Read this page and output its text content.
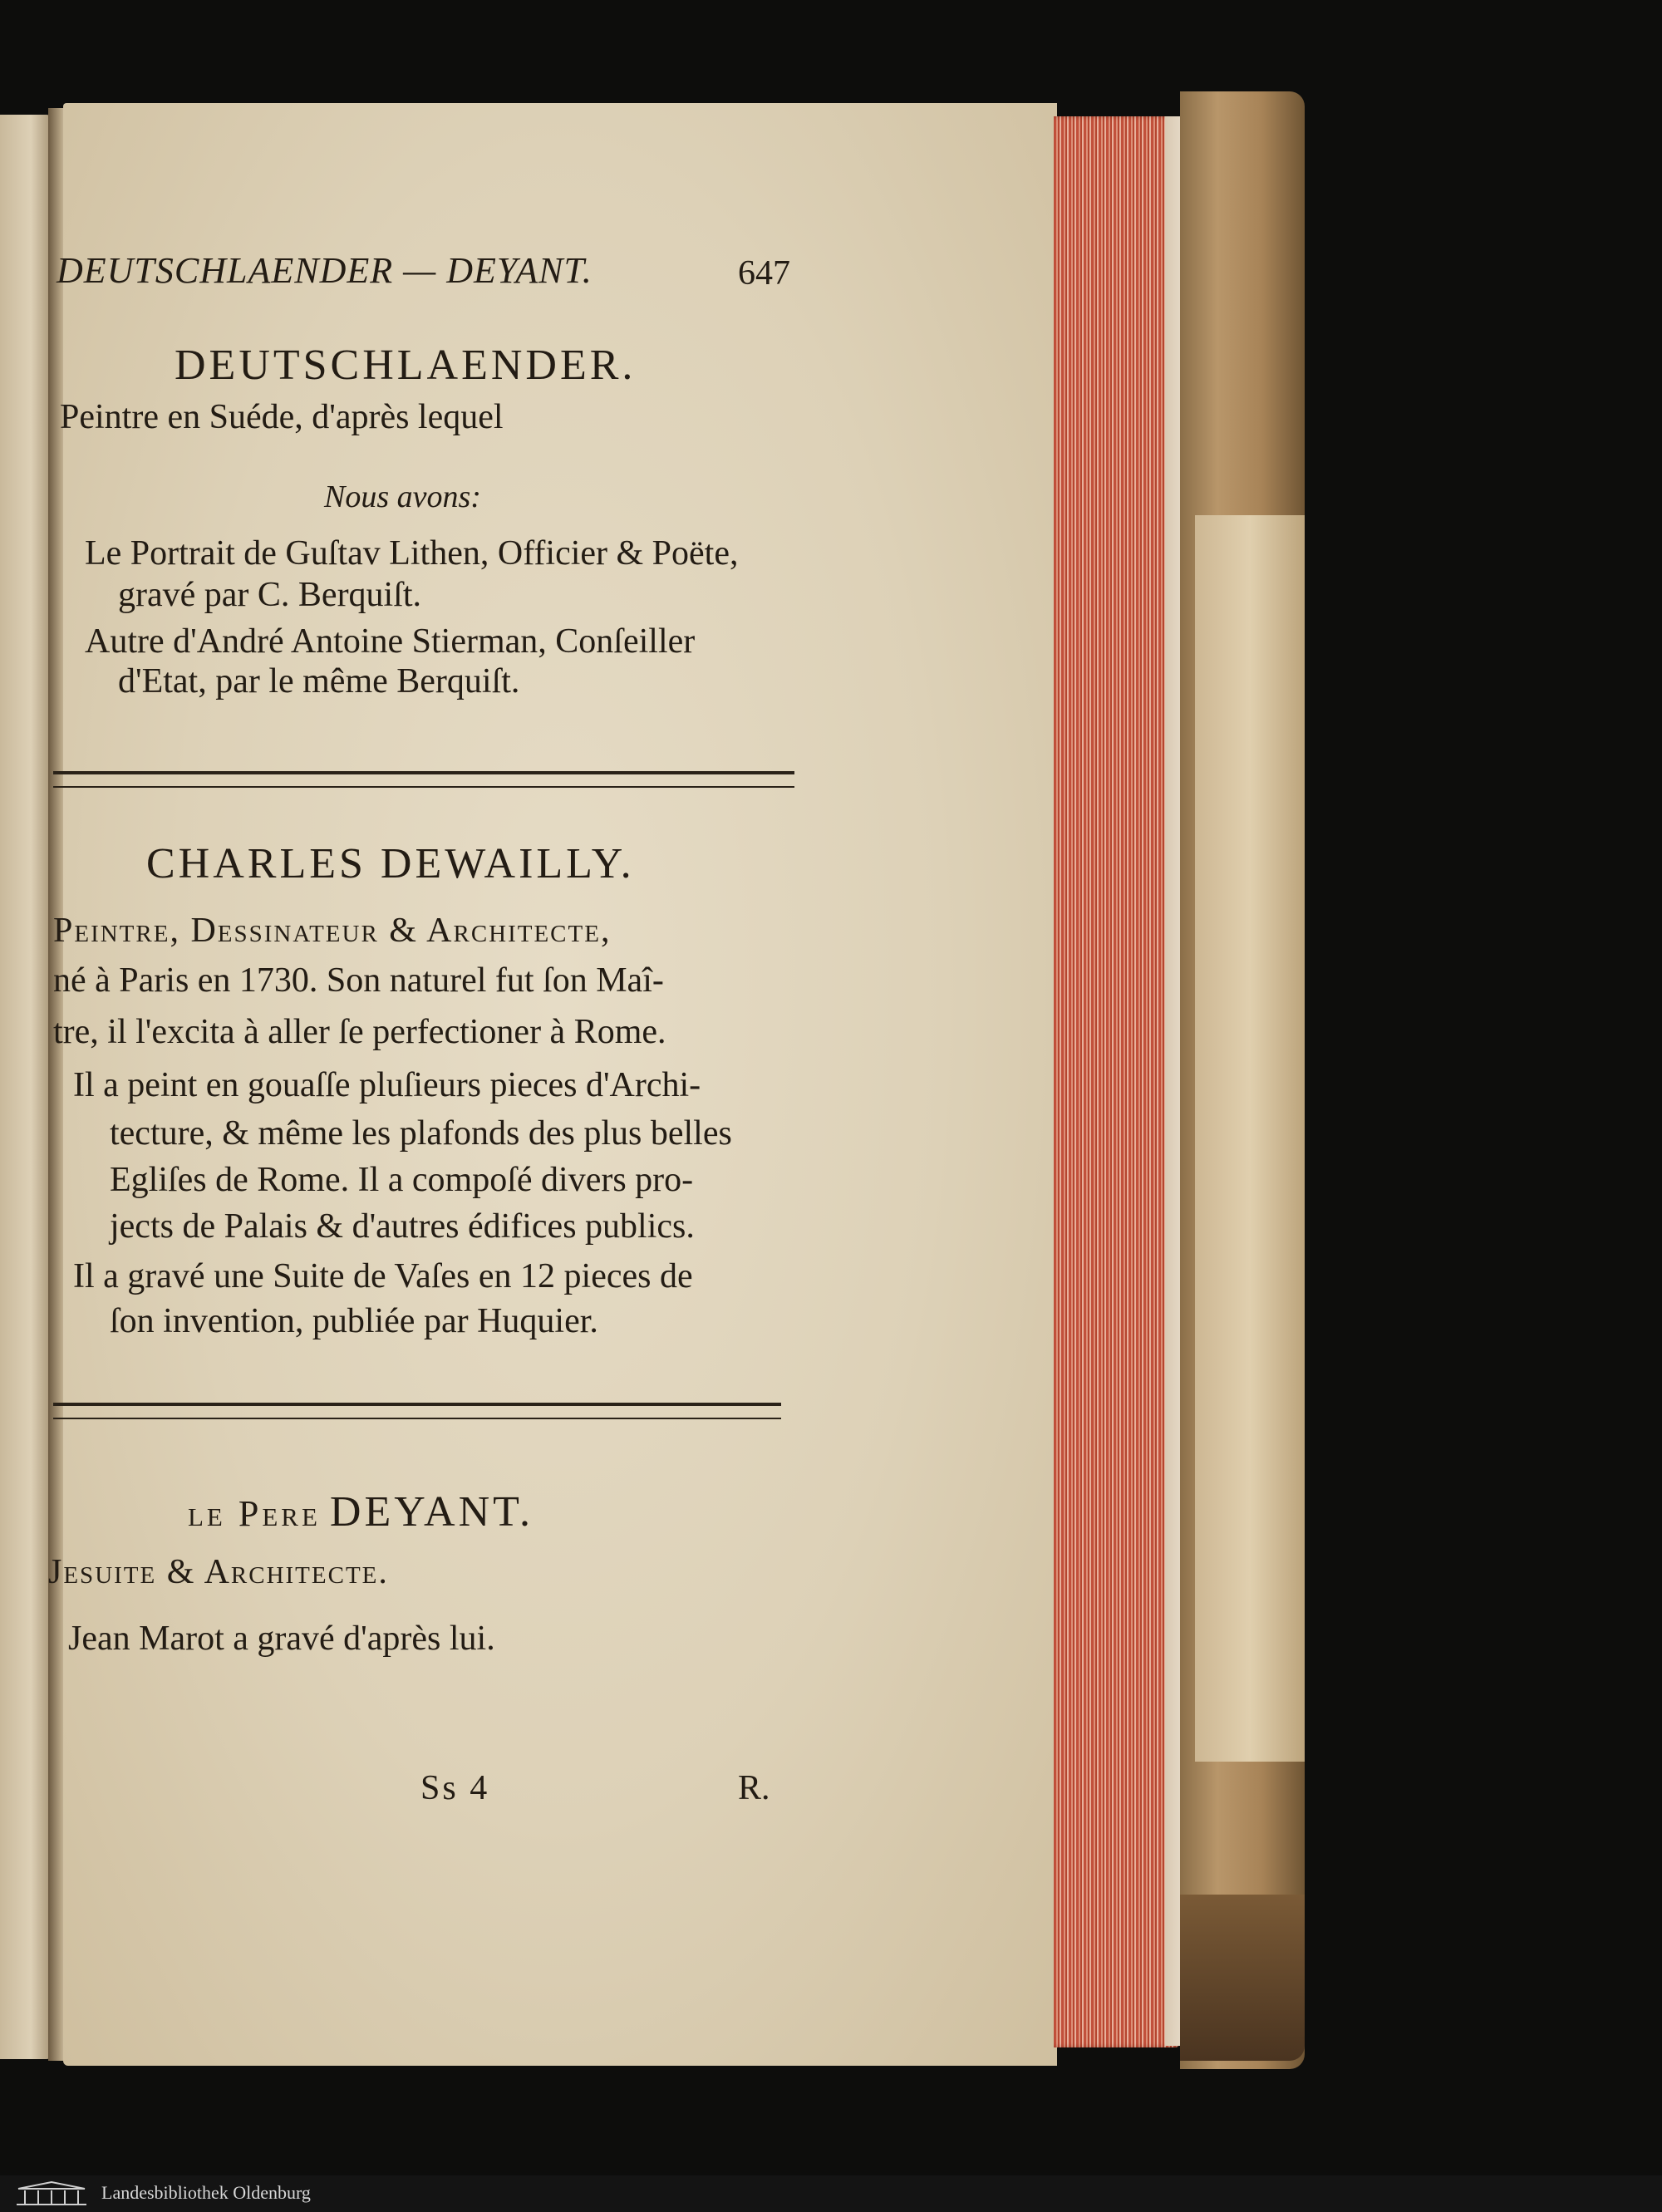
DEUTSCHLAENDER — DEYANT.	647
DEUTSCHLAENDER.
Peintre en Suéde, d'après lequel
Nous avons:
Le Portrait de Guſtav Lithen, Officier & Poëte,
gravé par C. Berquiſt.
Autre d'André Antoine Stierman, Conſeiller
d'Etat, par le même Berquiſt.
CHARLES DEWAILLY.
Peintre, Dessinateur & Architecte,
né à Paris en 1730. Son naturel fut ſon Maî-
tre, il l'excita à aller ſe perfectioner à Rome.
Il a peint en gouaſſe pluſieurs pieces d'Archi-
tecture, & même les plafonds des plus belles
Egliſes de Rome. Il a compoſé divers pro-
jects de Palais & d'autres édifices publics.
Il a gravé une Suite de Vaſes en 12 pieces de
ſon invention, publiée par Huquier.
le Pere DEYANT.
Jesuite & Architecte.
Jean Marot a gravé d'après lui.
Ss 4	R.
Landesbibliothek Oldenburg
